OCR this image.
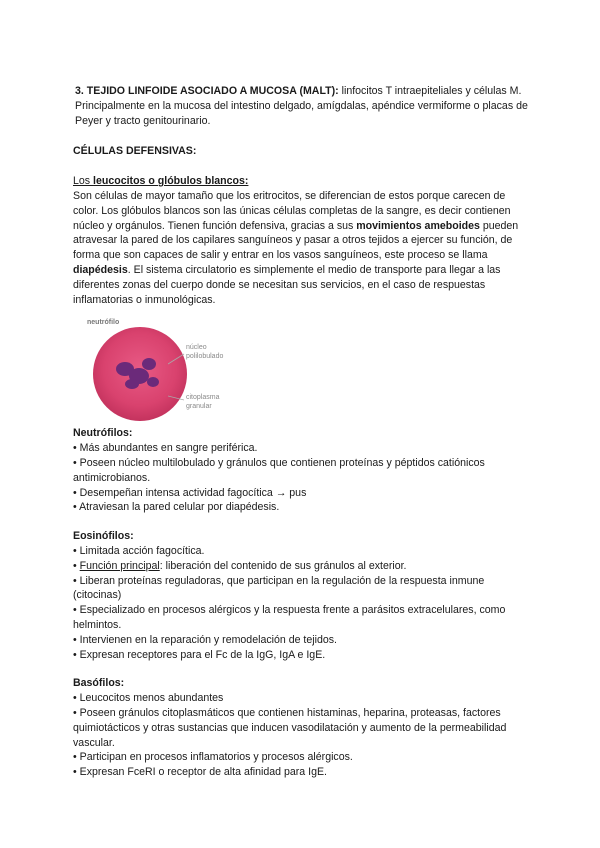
3. TEJIDO LINFOIDE ASOCIADO A MUCOSA (MALT): linfocitos T intraepiteliales y células M. Principalmente en la mucosa del intestino delgado, amígdalas, apéndice vermiforme o placas de Peyer y tracto genitourinario.

CÉLULAS DEFENSIVAS:

Los leucocitos o glóbulos blancos:

Son células de mayor tamaño que los eritrocitos, se diferencian de estos porque carecen de color. Los glóbulos blancos son las únicas células completas de la sangre, es decir contienen núcleo y orgánulos. Tienen función defensiva, gracias a sus movimientos ameboides pueden atravesar la pared de los capilares sanguíneos y pasar a otros tejidos a ejercer su función, de forma que son capaces de salir y entrar en los vasos sanguíneos, este proceso se llama diapédesis. El sistema circulatorio es simplemente el medio de transporte para llegar a las diferentes zonas del cuerpo donde se necesitan sus servicios, en el caso de respuestas inflamatorias o inmunológicas.

neutrófilo
núcleo
polilobulado
citoplasma
granular

Neutrófilos:

• Más abundantes en sangre periférica.

• Poseen núcleo multilobulado y gránulos que contienen proteínas y péptidos catiónicos antimicrobianos.

• Desempeñan intensa actividad fagocítica → pus

• Atraviesan la pared celular por diapédesis.

Eosinófilos:

• Limitada acción fagocítica.

• Función principal: liberación del contenido de sus gránulos al exterior.

• Liberan proteínas reguladoras, que participan en la regulación de la respuesta inmune (citocinas)

• Especializado en procesos alérgicos y la respuesta frente a parásitos extracelulares, como helmintos.

• Intervienen en la reparación y remodelación de tejidos.

• Expresan receptores para el Fc de la IgG, IgA e IgE.

Basófilos:

• Leucocitos menos abundantes

• Poseen gránulos citoplasmáticos que contienen histaminas, heparina, proteasas, factores quimiotácticos y otras sustancias que inducen vasodilatación y aumento de la permeabilidad vascular.

• Participan en procesos inflamatorios y procesos alérgicos.

• Expresan FceRI o receptor de alta afinidad para IgE.
